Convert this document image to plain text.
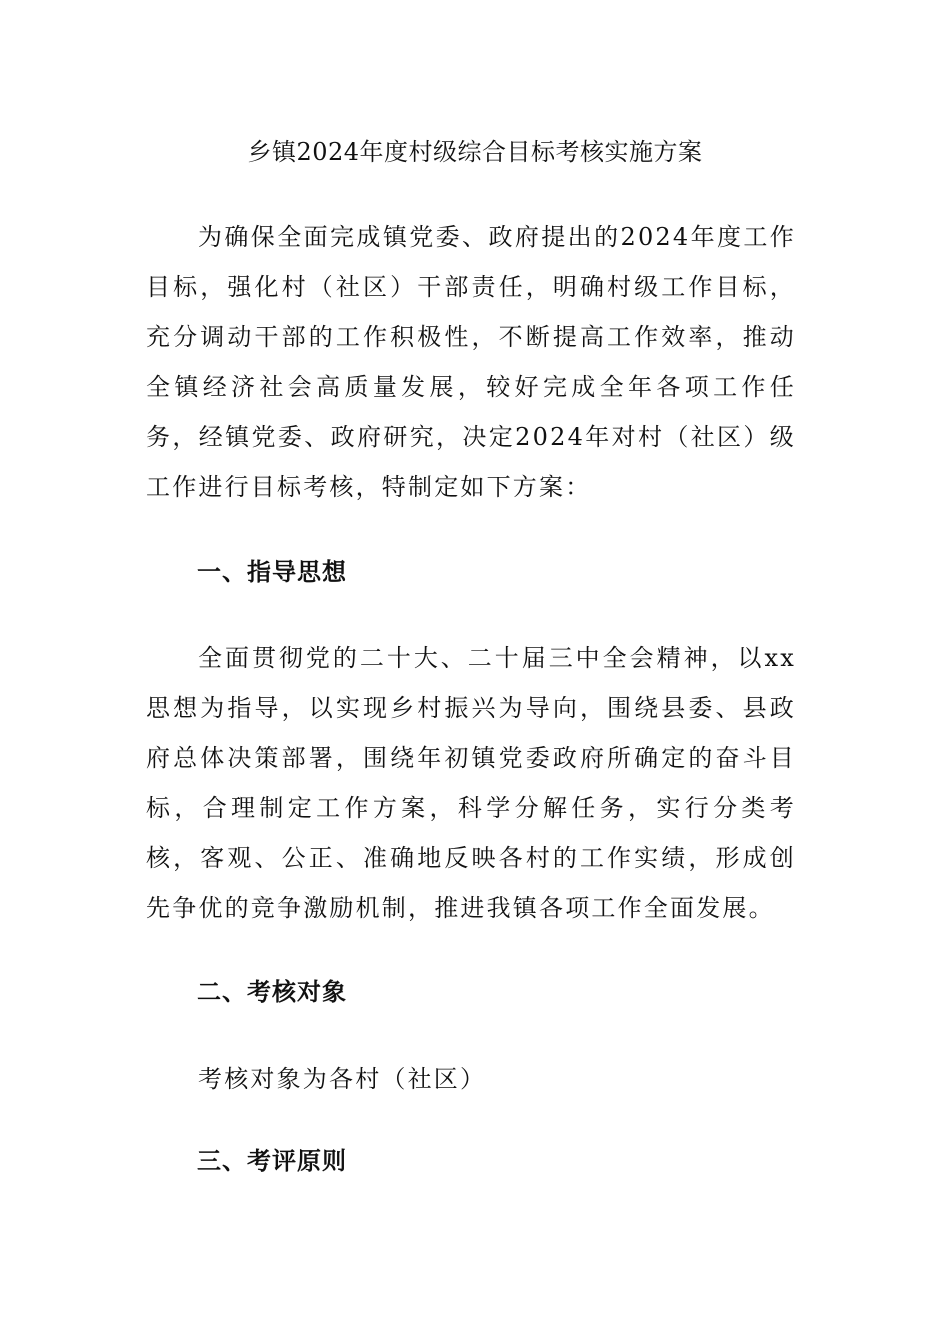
乡镇2024年度村级综合目标考核实施方案

为确保全面完成镇党委、政府提出的2024年度工作目标，强化村（社区）干部责任，明确村级工作目标，充分调动干部的工作积极性，不断提高工作效率，推动全镇经济社会高质量发展，较好完成全年各项工作任务，经镇党委、政府研究，决定2024年对村（社区）级工作进行目标考核，特制定如下方案：

一、指导思想

全面贯彻党的二十大、二十届三中全会精神，以xx思想为指导，以实现乡村振兴为导向，围绕县委、县政府总体决策部署，围绕年初镇党委政府所确定的奋斗目标，合理制定工作方案，科学分解任务，实行分类考核，客观、公正、准确地反映各村的工作实绩，形成创先争优的竞争激励机制，推进我镇各项工作全面发展。

二、考核对象

考核对象为各村（社区）

三、考评原则
